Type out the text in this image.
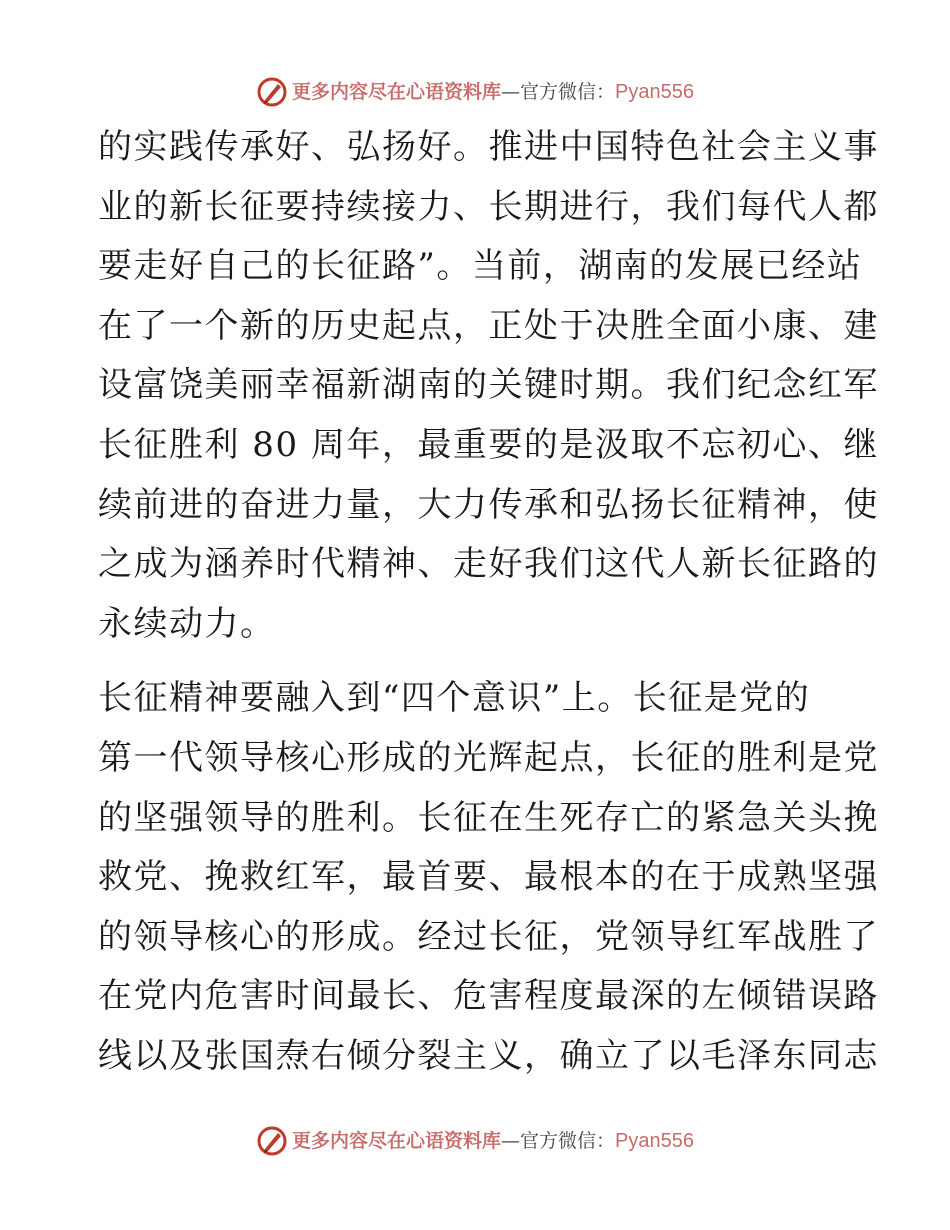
更多内容尽在心语资料库 — 官方微信： Pyan556

的实践传承好、弘扬好。推进中国特色社会主义事
业的新长征要持续接力、长期进行，我们每代人都
要走好自己的长征路”。当前，湖南的发展已经站
在了一个新的历史起点，正处于决胜全面小康、建
设富饶美丽幸福新湖南的关键时期。我们纪念红军
长征胜利 80 周年，最重要的是汲取不忘初心、继
续前进的奋进力量，大力传承和弘扬长征精神，使
之成为涵养时代精神、走好我们这代人新长征路的
永续动力。

长征精神要融入到“四个意识”上。长征是党的
第一代领导核心形成的光辉起点，长征的胜利是党
的坚强领导的胜利。长征在生死存亡的紧急关头挽
救党、挽救红军，最首要、最根本的在于成熟坚强
的领导核心的形成。经过长征，党领导红军战胜了
在党内危害时间最长、危害程度最深的左倾错误路
线以及张国焘右倾分裂主义，确立了以毛泽东同志

更多内容尽在心语资料库 — 官方微信： Pyan556
